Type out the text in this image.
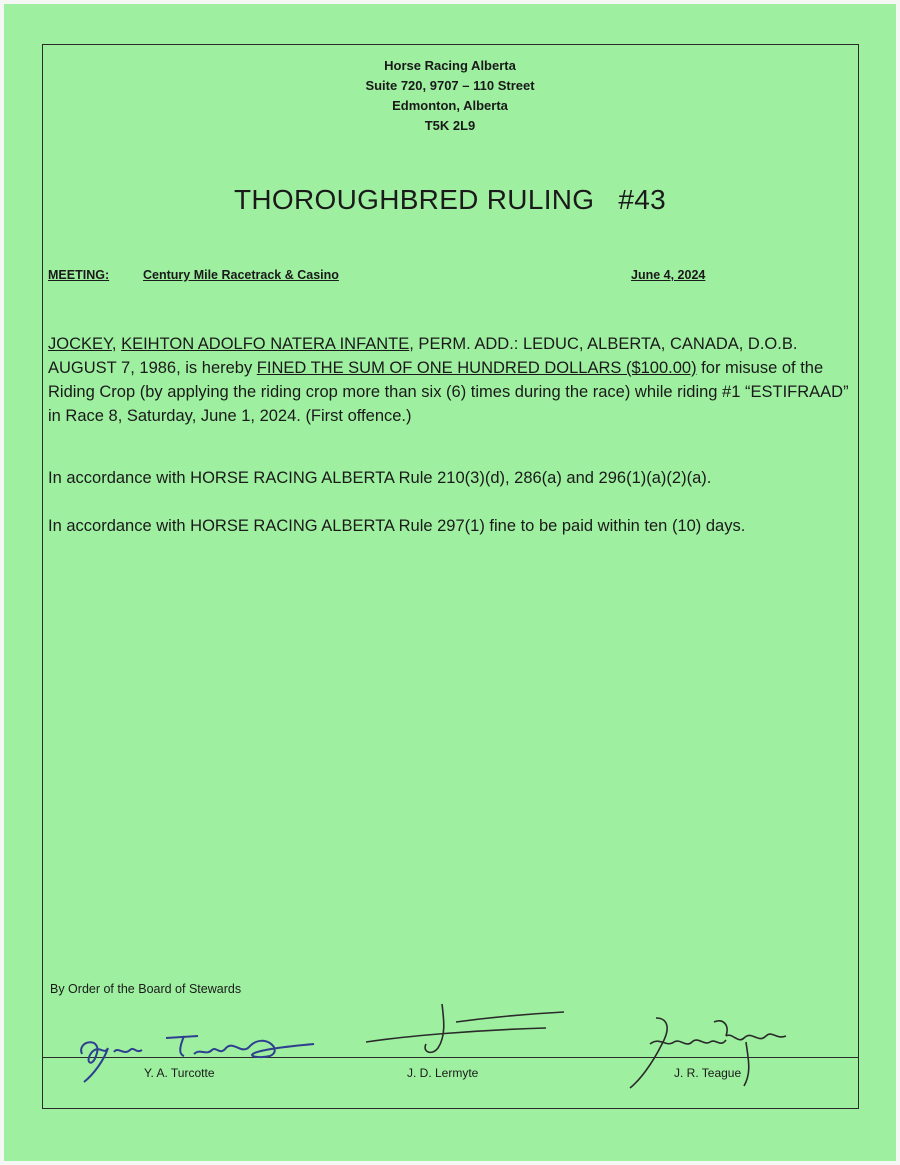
Horse Racing Alberta
Suite 720, 9707 – 110 Street
Edmonton, Alberta
T5K 2L9
THOROUGHBRED RULING #43
MEETING:	Century Mile Racetrack & Casino	June 4, 2024
JOCKEY, KEIHTON ADOLFO NATERA INFANTE, PERM. ADD.: LEDUC, ALBERTA, CANADA, D.O.B. AUGUST 7, 1986, is hereby FINED THE SUM OF ONE HUNDRED DOLLARS ($100.00) for misuse of the Riding Crop (by applying the riding crop more than six (6) times during the race) while riding #1 “ESTIFRAAD” in Race 8, Saturday, June 1, 2024. (First offence.)
In accordance with HORSE RACING ALBERTA Rule 210(3)(d), 286(a) and 296(1)(a)(2)(a).
In accordance with HORSE RACING ALBERTA Rule 297(1) fine to be paid within ten (10) days.
By Order of the Board of Stewards
Y. A. Turcotte	J. D. Lermyte	J. R. Teague
